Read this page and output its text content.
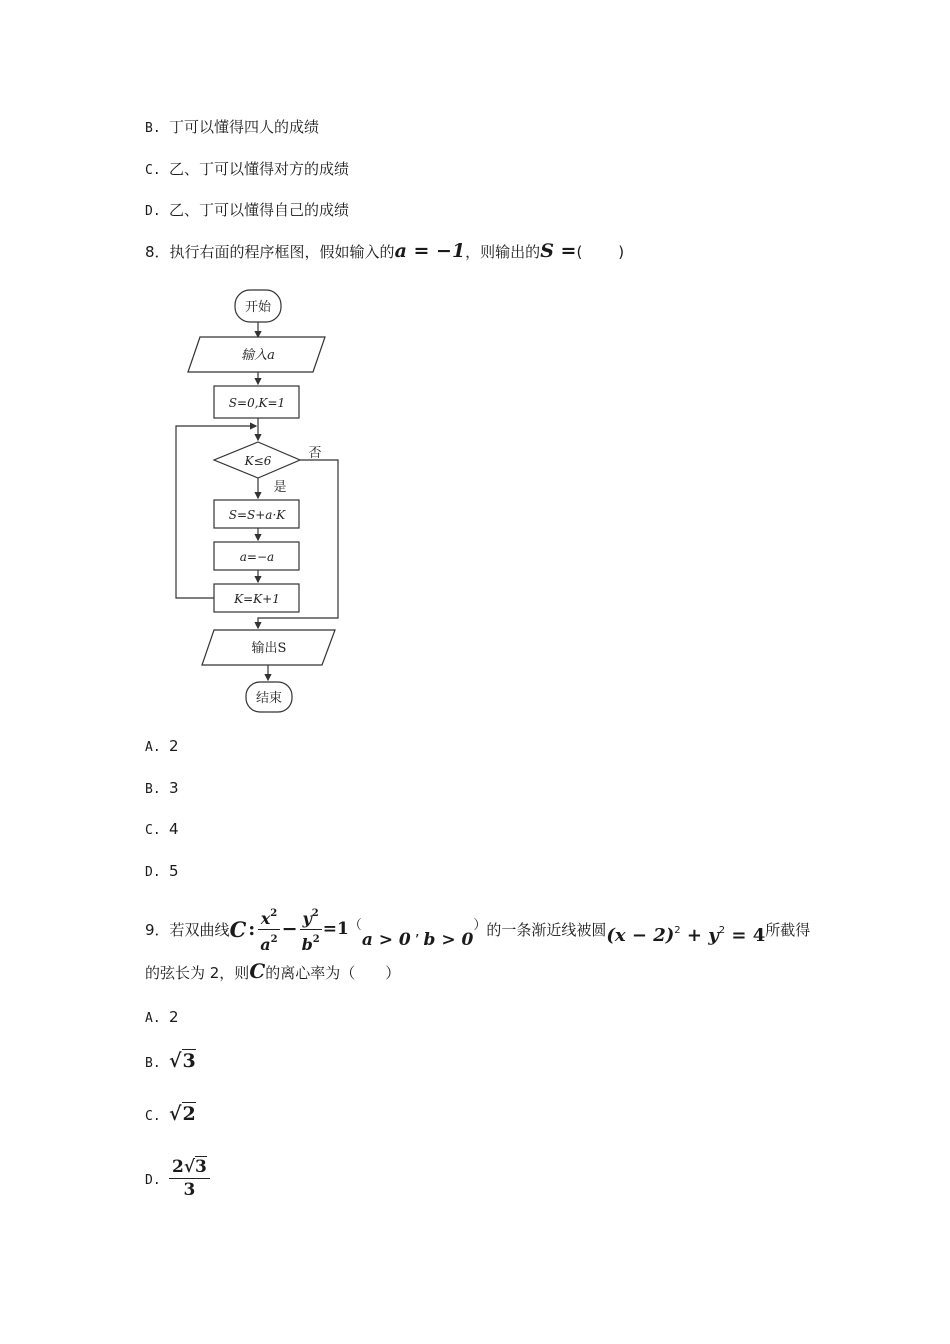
B. 丁可以懂得四人的成绩
C. 乙、丁可以懂得对方的成绩
D. 乙、丁可以懂得自己的成绩
8．执行右面的程序框图，假如输入的a = −1，则输出的S =(　　)
开始
输入a
S=0,K=1
K≤6	否
是
S=S+a·K
a=−a
K=K+1
输出S
结束
A. 2
B. 3
C. 4
D. 5
9． 若双曲线 C : $\frac{x^2}{a^2} - \frac{y^2}{b^2} =1$ （
a > 0 ’ b > 0
） 的一条渐近线被圆 $(x - 2)^2 + y^2 = 4$ 所截得
的弦长为 2，则C的离心率为（　　）
A. 2
B. √3
C. √2
D. $\frac{2√3}{3}$
